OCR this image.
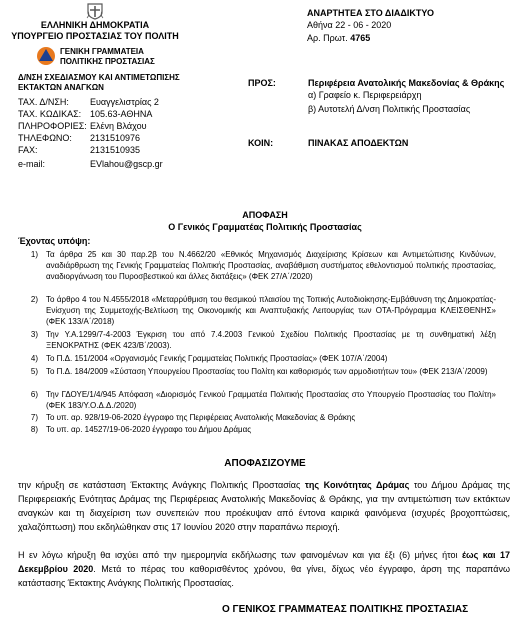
ΕΛΛΗΝΙΚΗ ΔΗΜΟΚΡΑΤΙΑ
ΥΠΟΥΡΓΕΙΟ ΠΡΟΣΤΑΣΙΑΣ ΤΟΥ ΠΟΛΙΤΗ
ΓΕΝΙΚΗ ΓΡΑΜΜΑΤΕΙΑ
ΠΟΛΙΤΙΚΗΣ ΠΡΟΣΤΑΣΙΑΣ
Δ/ΝΣΗ ΣΧΕΔΙΑΣΜΟΥ ΚΑΙ ΑΝΤΙΜΕΤΩΠΙΣΗΣ
ΕΚΤΑΚΤΩΝ ΑΝΑΓΚΩΝ
ΤΑΧ. Δ/ΝΣΗ: Ευαγγελιστρίας 2
ΤΑΧ. ΚΩΔΙΚΑΣ: 105.63-ΑΘΗΝΑ
ΠΛΗΡΟΦΟΡΙΕΣ: Ελένη Βλάχου
ΤΗΛΕΦΩΝΟ: 2131510976
FAX:	2131510935
e-mail:	EVlahou@gscp.gr
ΑΝΑΡΤΗΤΕΑ ΣΤΟ ΔΙΑΔΙΚΤΥΟ
Αθήνα 22 - 06 - 2020
Αρ. Πρωτ. 4765
ΠΡΟΣ:	Περιφέρεια Ανατολικής Μακεδονίας & Θράκης
α) Γραφείο κ. Περιφερειάρχη
β) Αυτοτελή Δ/νση Πολιτικής Προστασίας
ΚΟΙΝ:	ΠΙΝΑΚΑΣ ΑΠΟΔΕΚΤΩΝ
ΑΠΟΦΑΣΗ
Ο Γενικός Γραμματέας Πολιτικής Προστασίας
Έχοντας υπόψη:
1) Τα άρθρα 25 και 30 παρ.2β του Ν.4662/20 «Εθνικός Μηχανισμός Διαχείρισης Κρίσεων και Αντιμετώπισης Κινδύνων, αναδιάρθρωση της Γενικής Γραμματείας Πολιτικής Προστασίας, αναβάθμιση συστήματος εθελοντισμού πολιτικής προστασίας, αναδιοργάνωση του Πυροσβεστικού και άλλες διατάξεις» (ΦΕΚ 27/Α΄/2020)
2) Το άρθρο 4 του Ν.4555/2018 «Μεταρρύθμιση του θεσμικού πλαισίου της Τοπικής Αυτοδιοίκησης-Εμβάθυνση της Δημοκρατίας-Ενίσχυση της Συμμετοχής-Βελτίωση της Οικονομικής και Αναπτυξιακής Λειτουργίας των ΟΤΑ-Πρόγραμμα ΚΛΕΙΣΘΕΝΗΣ» (ΦΕΚ 133/Α΄/2018)
3) Την Υ.Α.1299/7-4-2003 Έγκριση του από 7.4.2003 Γενικού Σχεδίου Πολιτικής Προστασίας με τη συνθηματική λέξη ΞΕΝΟΚΡΑΤΗΣ (ΦΕΚ 423/Β΄/2003).
4) Το Π.Δ. 151/2004 «Οργανισμός Γενικής Γραμματείας Πολιτικής Προστασίας» (ΦΕΚ 107/Α΄/2004)
5) Το Π.Δ. 184/2009 «Σύσταση Υπουργείου Προστασίας του Πολίτη και καθορισμός των αρμοδιοτήτων του» (ΦΕΚ 213/Α΄/2009)
6) Την ΓΔΟΥΕ/1/4/945 Απόφαση «Διορισμός Γενικού Γραμματέα Πολιτικής Προστασίας στο Υπουργείο Προστασίας του Πολίτη» (ΦΕΚ 183/Υ.Ο.Δ.Δ./2020)
7) Το υπ. αρ. 928/19-06-2020 έγγραφο της Περιφέρειας Ανατολικής Μακεδονίας & Θράκης
8) Το υπ. αρ. 14527/19-06-2020 έγγραφο του Δήμου Δράμας
ΑΠΟΦΑΣΙΖΟΥΜΕ
την κήρυξη σε κατάσταση Έκτακτης Ανάγκης Πολιτικής Προστασίας της Κοινότητας Δράμας του Δήμου Δράμας της Περιφερειακής Ενότητας Δράμας της Περιφέρειας Ανατολικής Μακεδονίας & Θράκης, για την αντιμετώπιση των εκτάκτων αναγκών και τη διαχείριση των συνεπειών που προέκυψαν από έντονα καιρικά φαινόμενα (ισχυρές βροχοπτώσεις, χαλαζόπτωση) που εκδηλώθηκαν στις 17 Ιουνίου 2020 στην παραπάνω περιοχή.
Η εν λόγω κήρυξη θα ισχύει από την ημερομηνία εκδήλωσης των φαινομένων και για έξι (6) μήνες ήτοι έως και 17 Δεκεμβρίου 2020. Μετά το πέρας του καθορισθέντος χρόνου, θα γίνει, δίχως νέο έγγραφο, άρση της παραπάνω κατάστασης Έκτακτης Ανάγκης Πολιτικής Προστασίας.
Ο ΓΕΝΙΚΟΣ ΓΡΑΜΜΑΤΕΑΣ ΠΟΛΙΤΙΚΗΣ ΠΡΟΣΤΑΣΙΑΣ
